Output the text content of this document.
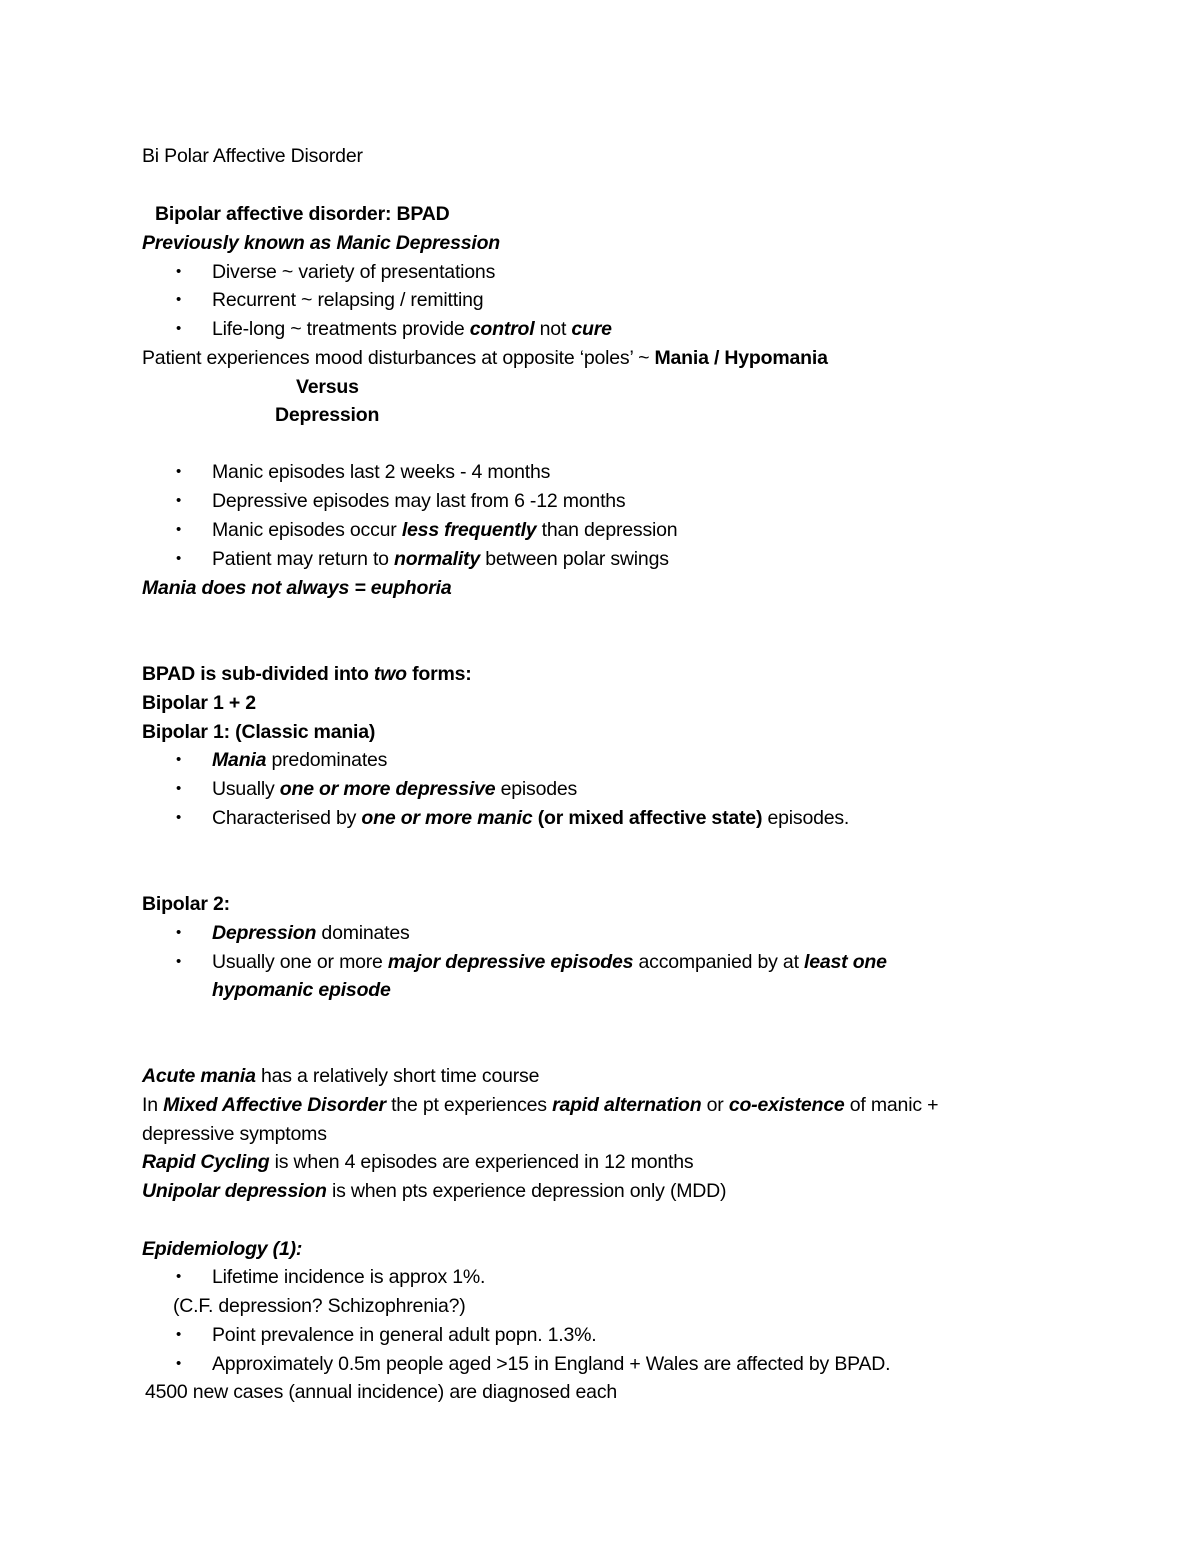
Bi Polar Affective Disorder
Bipolar affective disorder: BPAD
Previously known as Manic Depression
• Diverse ~ variety of presentations
• Recurrent ~ relapsing / remitting
• Life-long ~ treatments provide control not cure
Patient experiences mood disturbances at opposite ‘poles’ ~ Mania / Hypomania
Versus
Depression
• Manic episodes last 2 weeks - 4 months
• Depressive episodes may last from 6 -12 months
• Manic episodes occur less frequently than depression
• Patient may return to normality between polar swings
Mania does not always = euphoria
BPAD is sub-divided into two forms:
Bipolar 1 + 2
Bipolar 1: (Classic mania)
• Mania predominates
• Usually one or more depressive episodes
• Characterised by one or more manic (or mixed affective state) episodes.
Bipolar 2:
• Depression dominates
• Usually one or more major depressive episodes accompanied by at least one
hypomanic episode
Acute mania has a relatively short time course
In Mixed Affective Disorder the pt experiences rapid alternation or co-existence of manic +
depressive symptoms
Rapid Cycling is when 4 episodes are experienced in 12 months
Unipolar depression is when pts experience depression only (MDD)
Epidemiology (1):
• Lifetime incidence is approx 1%.
(C.F. depression? Schizophrenia?)
• Point prevalence in general adult popn. 1.3%.
• Approximately 0.5m people aged >15 in England + Wales are affected by BPAD.
4500 new cases (annual incidence) are diagnosed each
